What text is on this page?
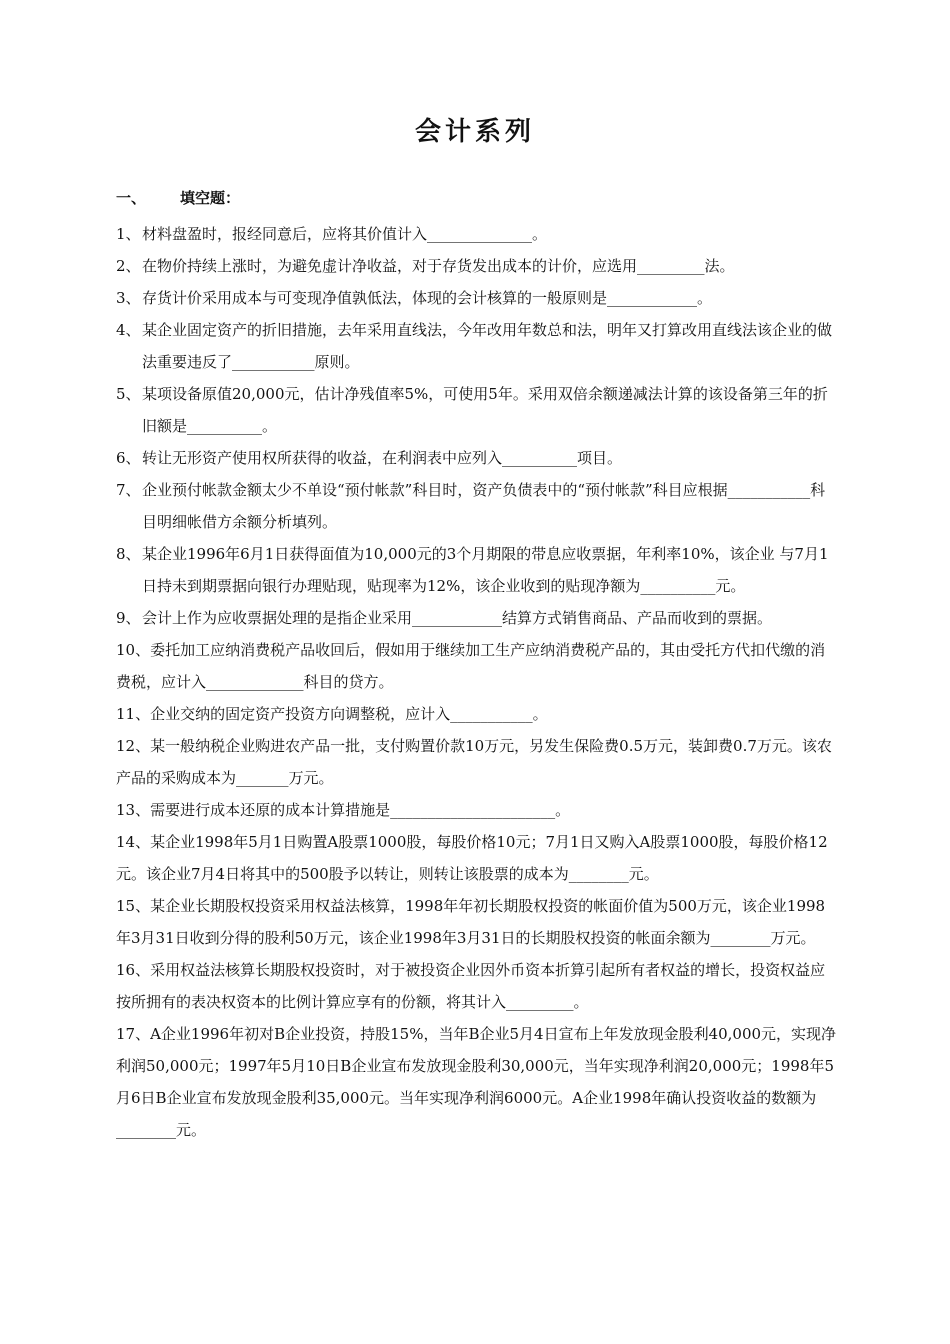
会计系列
一、 填空题：

1、 材料盘盈时，报经同意后，应将其价值计入______________。

2、 在物价持续上涨时，为避免虚计净收益，对于存货发出成本的计价，应选用_________法。

3、 存货计价采用成本与可变现净值孰低法，体现的会计核算的一般原则是____________。

4、 某企业固定资产的折旧措施，去年采用直线法，今年改用年数总和法，明年又打算改用直线法该企业的做法重要违反了___________原则。

5、 某项设备原值20,000元，估计净残值率5%，可使用5年。采用双倍余额递减法计算的该设备第三年的折旧额是__________。

6、 转让无形资产使用权所获得的收益，在利润表中应列入__________项目。

7、 企业预付帐款金额太少不单设“预付帐款”科目时，资产负债表中的“预付帐款”科目应根据___________科目明细帐借方余额分析填列。

8、 某企业1996年6月1日获得面值为10,000元的3个月期限的带息应收票据，年利率10%，该企业 与7月1日持未到期票据向银行办理贴现，贴现率为12%，该企业收到的贴现净额为__________元。

9、 会计上作为应收票据处理的是指企业采用____________结算方式销售商品、产品而收到的票据。

10、委托加工应纳消费税产品收回后，假如用于继续加工生产应纳消费税产品的，其由受托方代扣代缴的消费税，应计入_____________科目的贷方。

11、企业交纳的固定资产投资方向调整税，应计入___________。

12、某一般纳税企业购进农产品一批，支付购置价款10万元，另发生保险费0.5万元，装卸费0.7万元。该农产品的采购成本为_______万元。

13、需要进行成本还原的成本计算措施是______________________。

14、某企业1998年5月1日购置A股票1000股，每股价格10元；7月1日又购入A股票1000股，每股价格12元。该企业7月4日将其中的500股予以转让，则转让该股票的成本为________元。

15、某企业长期股权投资采用权益法核算，1998年年初长期股权投资的帐面价值为500万元，该企业1998年3月31日收到分得的股利50万元，该企业1998年3月31日的长期股权投资的帐面余额为________万元。

16、采用权益法核算长期股权投资时，对于被投资企业因外币资本折算引起所有者权益的增长，投资权益应按所拥有的表决权资本的比例计算应享有的份额，将其计入_________。

17、A企业1996年初对B企业投资，持股15%，当年B企业5月4日宣布上年发放现金股利40,000元，实现净利润50,000元；1997年5月10日B企业宣布发放现金股利30,000元，当年实现净利润20,000元；1998年5月6日B企业宣布发放现金股利35,000元。当年实现净利润6000元。A企业1998年确认投资收益的数额为________元。
